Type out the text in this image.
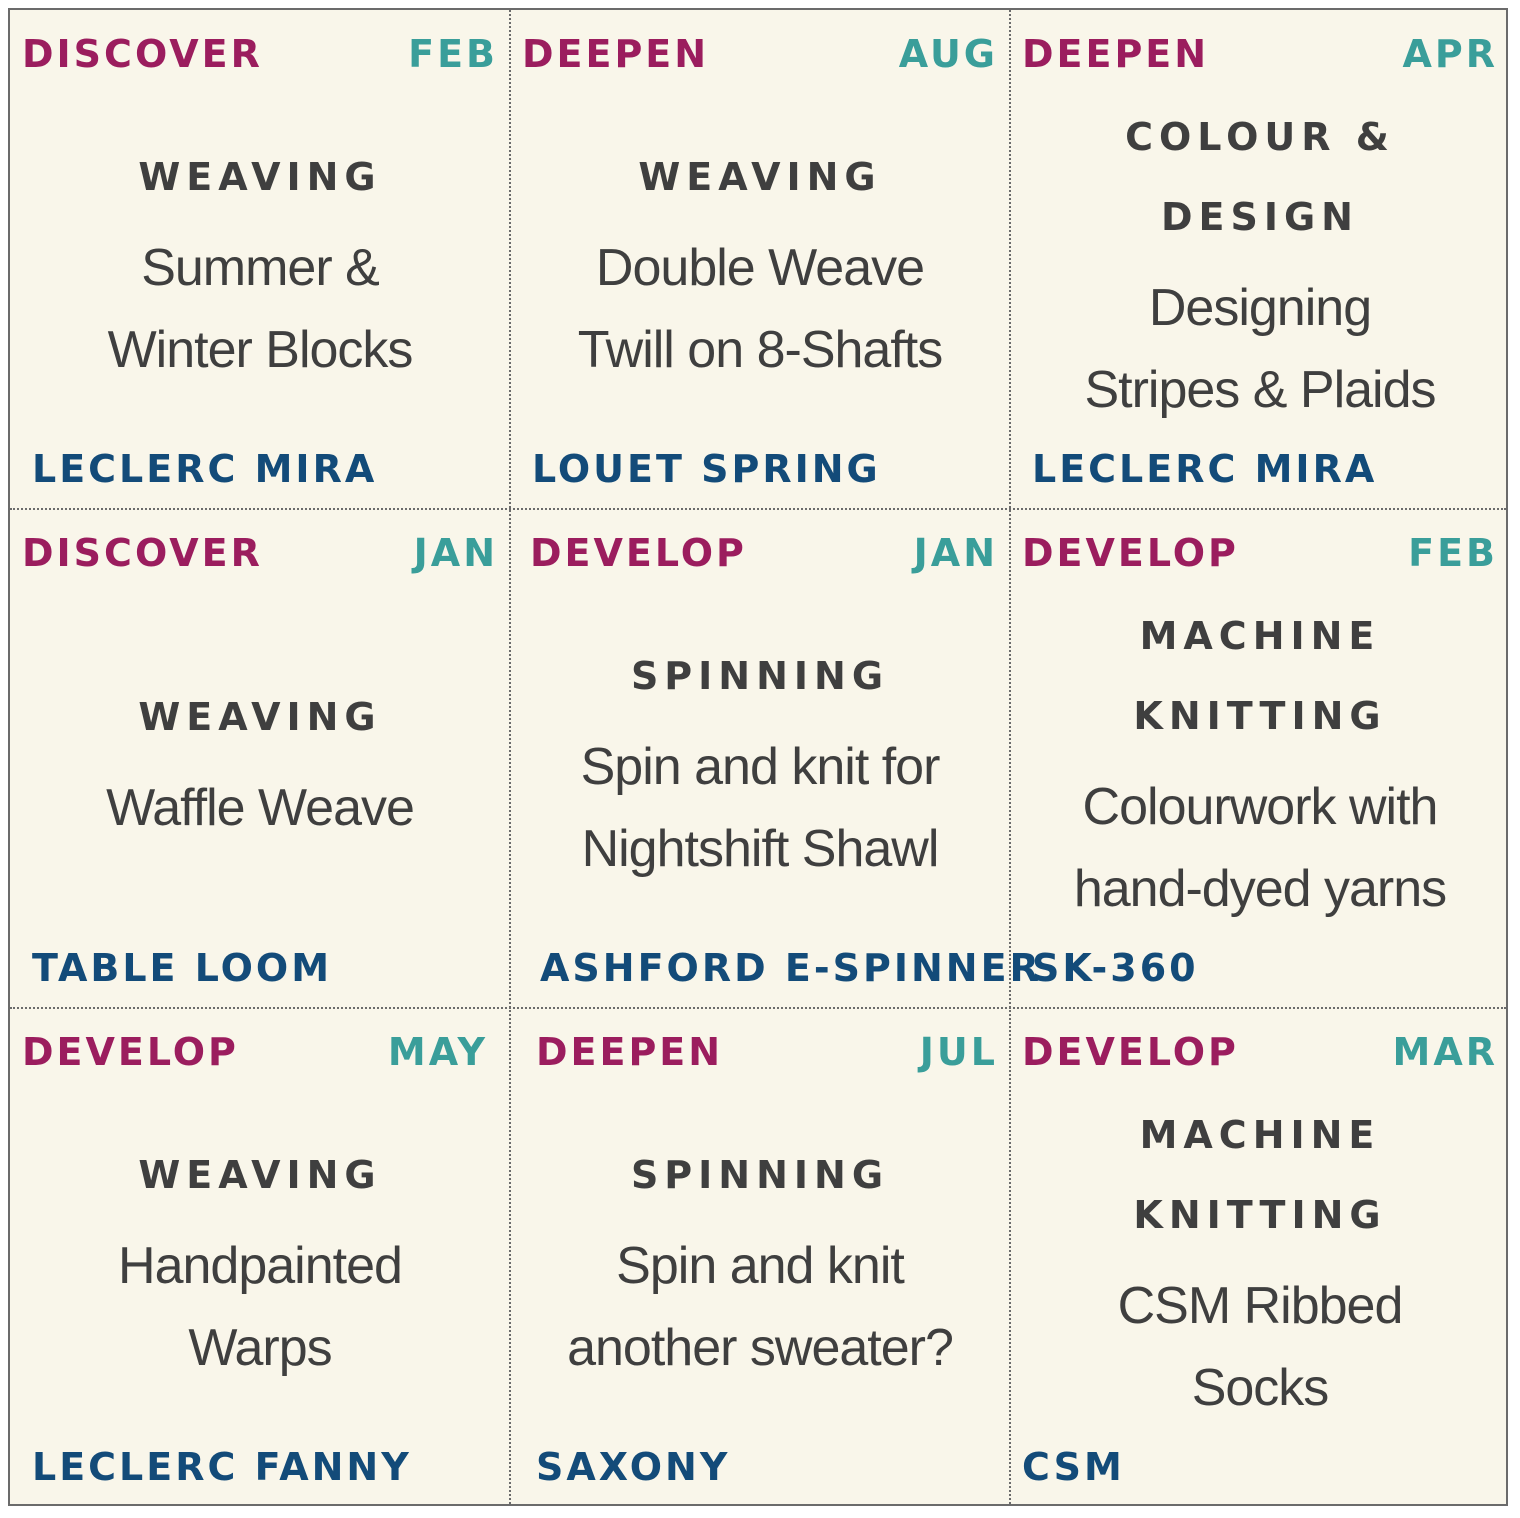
DISCOVER	FEB
WEAVING
Summer &
Winter Blocks
LECLERC MIRA
DEEPEN	AUG
WEAVING
Double Weave
Twill on 8-Shafts
LOUET SPRING
DEEPEN	APR
COLOUR & DESIGN
Designing
Stripes & Plaids
LECLERC MIRA
DISCOVER	JAN
WEAVING
Waffle Weave
TABLE LOOM
DEVELOP	JAN
SPINNING
Spin and knit for
Nightshift Shawl
ASHFORD E-SPINNER
DEVELOP	FEB
MACHINE KNITTING
Colourwork with
hand-dyed yarns
SK-360
DEVELOP	MAY
WEAVING
Handpainted
Warps
LECLERC FANNY
DEEPEN	JUL
SPINNING
Spin and knit
another sweater?
SAXONY
DEVELOP	MAR
MACHINE KNITTING
CSM Ribbed
Socks
CSM
